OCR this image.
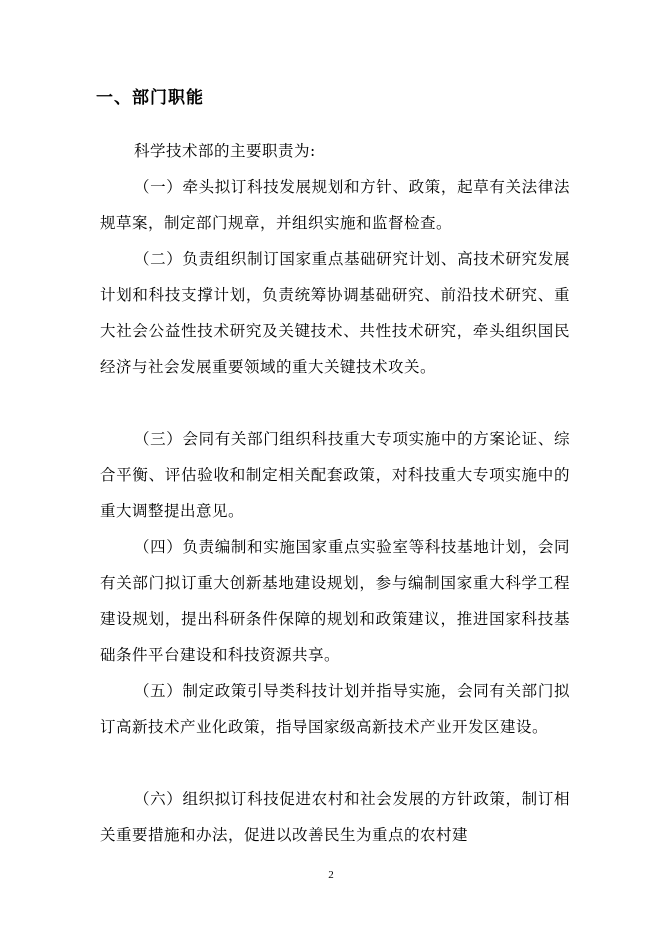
一、部门职能
科学技术部的主要职责为:
（一）牵头拟订科技发展规划和方针、政策，起草有关法律法规草案，制定部门规章，并组织实施和监督检查。
（二）负责组织制订国家重点基础研究计划、高技术研究发展计划和科技支撑计划，负责统筹协调基础研究、前沿技术研究、重大社会公益性技术研究及关键技术、共性技术研究，牵头组织国民经济与社会发展重要领域的重大关键技术攻关。
（三）会同有关部门组织科技重大专项实施中的方案论证、综合平衡、评估验收和制定相关配套政策，对科技重大专项实施中的重大调整提出意见。
（四）负责编制和实施国家重点实验室等科技基地计划，会同有关部门拟订重大创新基地建设规划，参与编制国家重大科学工程建设规划，提出科研条件保障的规划和政策建议，推进国家科技基础条件平台建设和科技资源共享。
（五）制定政策引导类科技计划并指导实施，会同有关部门拟订高新技术产业化政策，指导国家级高新技术产业开发区建设。
（六）组织拟订科技促进农村和社会发展的方针政策，制订相关重要措施和办法，促进以改善民生为重点的农村建
2
